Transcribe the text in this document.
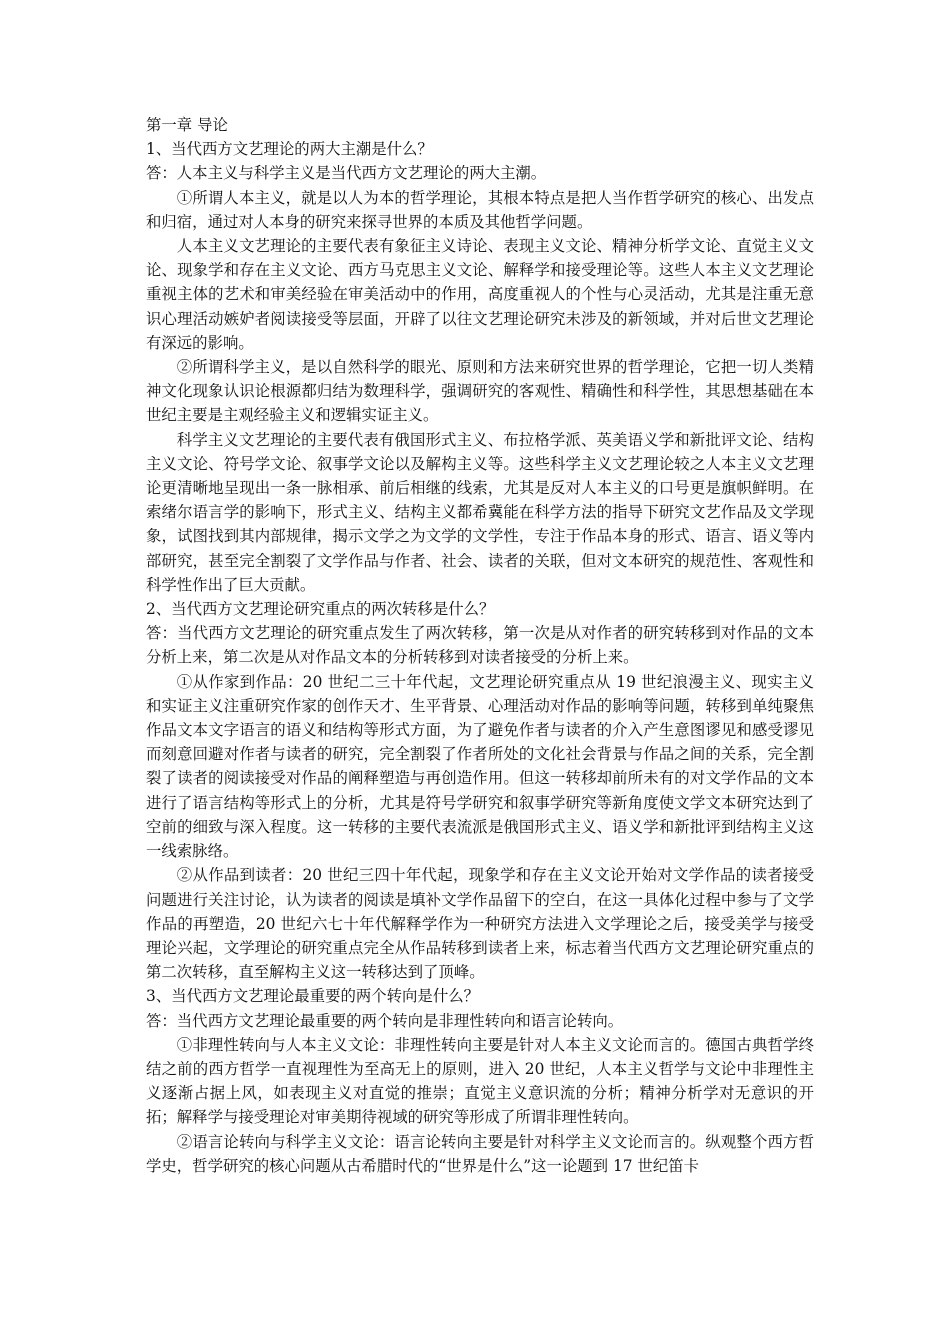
第一章 导论

1、当代西方文艺理论的两大主潮是什么？

答：人本主义与科学主义是当代西方文艺理论的两大主潮。

①所谓人本主义，就是以人为本的哲学理论，其根本特点是把人当作哲学研究的核心、出发点和归宿，通过对人本身的研究来探寻世界的本质及其他哲学问题。

人本主义文艺理论的主要代表有象征主义诗论、表现主义文论、精神分析学文论、直觉主义文论、现象学和存在主义文论、西方马克思主义文论、解释学和接受理论等。这些人本主义文艺理论重视主体的艺术和审美经验在审美活动中的作用，高度重视人的个性与心灵活动，尤其是注重无意识心理活动嫉妒者阅读接受等层面，开辟了以往文艺理论研究未涉及的新领域，并对后世文艺理论有深远的影响。

②所谓科学主义，是以自然科学的眼光、原则和方法来研究世界的哲学理论，它把一切人类精神文化现象认识论根源都归结为数理科学，强调研究的客观性、精确性和科学性，其思想基础在本世纪主要是主观经验主义和逻辑实证主义。

科学主义文艺理论的主要代表有俄国形式主义、布拉格学派、英美语义学和新批评文论、结构主义文论、符号学文论、叙事学文论以及解构主义等。这些科学主义文艺理论较之人本主义文艺理论更清晰地呈现出一条一脉相承、前后相继的线索，尤其是反对人本主义的口号更是旗帜鲜明。在索绪尔语言学的影响下，形式主义、结构主义都希冀能在科学方法的指导下研究文艺作品及文学现象，试图找到其内部规律，揭示文学之为文学的文学性，专注于作品本身的形式、语言、语义等内部研究，甚至完全割裂了文学作品与作者、社会、读者的关联，但对文本研究的规范性、客观性和科学性作出了巨大贡献。

2、当代西方文艺理论研究重点的两次转移是什么？

答：当代西方文艺理论的研究重点发生了两次转移，第一次是从对作者的研究转移到对作品的文本分析上来，第二次是从对作品文本的分析转移到对读者接受的分析上来。

①从作家到作品：20 世纪二三十年代起，文艺理论研究重点从 19 世纪浪漫主义、现实主义和实证主义注重研究作家的创作天才、生平背景、心理活动对作品的影响等问题，转移到单纯聚焦作品文本文字语言的语义和结构等形式方面，为了避免作者与读者的介入产生意图谬见和感受谬见而刻意回避对作者与读者的研究，完全割裂了作者所处的文化社会背景与作品之间的关系，完全割裂了读者的阅读接受对作品的阐释塑造与再创造作用。但这一转移却前所未有的对文学作品的文本进行了语言结构等形式上的分析，尤其是符号学研究和叙事学研究等新角度使文学文本研究达到了空前的细致与深入程度。这一转移的主要代表流派是俄国形式主义、语义学和新批评到结构主义这一线索脉络。

②从作品到读者：20 世纪三四十年代起，现象学和存在主义文论开始对文学作品的读者接受问题进行关注讨论，认为读者的阅读是填补文学作品留下的空白，在这一具体化过程中参与了文学作品的再塑造，20 世纪六七十年代解释学作为一种研究方法进入文学理论之后，接受美学与接受理论兴起，文学理论的研究重点完全从作品转移到读者上来，标志着当代西方文艺理论研究重点的第二次转移，直至解构主义这一转移达到了顶峰。

3、当代西方文艺理论最重要的两个转向是什么？

答：当代西方文艺理论最重要的两个转向是非理性转向和语言论转向。

①非理性转向与人本主义文论：非理性转向主要是针对人本主义文论而言的。德国古典哲学终结之前的西方哲学一直视理性为至高无上的原则，进入 20 世纪，人本主义哲学与文论中非理性主义逐渐占据上风，如表现主义对直觉的推崇；直觉主义意识流的分析；精神分析学对无意识的开拓；解释学与接受理论对审美期待视域的研究等形成了所谓非理性转向。

②语言论转向与科学主义文论：语言论转向主要是针对科学主义文论而言的。纵观整个西方哲学史，哲学研究的核心问题从古希腊时代的“世界是什么”这一论题到 17 世纪笛卡
